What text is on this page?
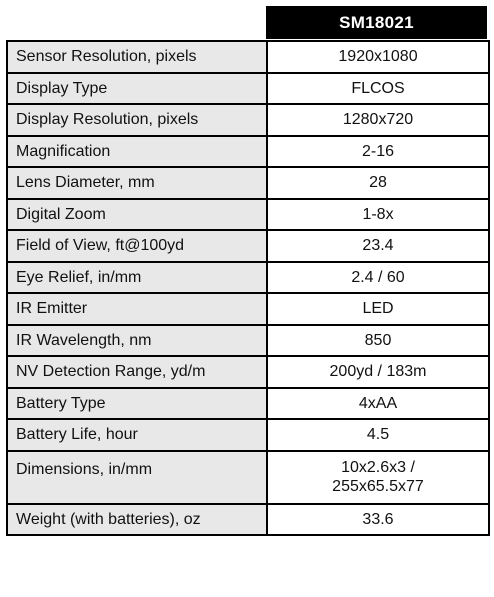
SM18021
Sensor Resolution, pixels	1920x1080
Display Type	FLCOS
Display Resolution, pixels	1280x720
Magnification	2-16
Lens Diameter, mm	28
Digital Zoom	1-8x
Field of View, ft@100yd	23.4
Eye Relief, in/mm	2.4 / 60
IR Emitter	LED
IR Wavelength, nm	850
NV Detection Range, yd/m	200yd / 183m
Battery Type	4xAA
Battery Life, hour	4.5
Dimensions, in/mm	10x2.6x3 /
255x65.5x77

Weight (with batteries), oz	33.6
